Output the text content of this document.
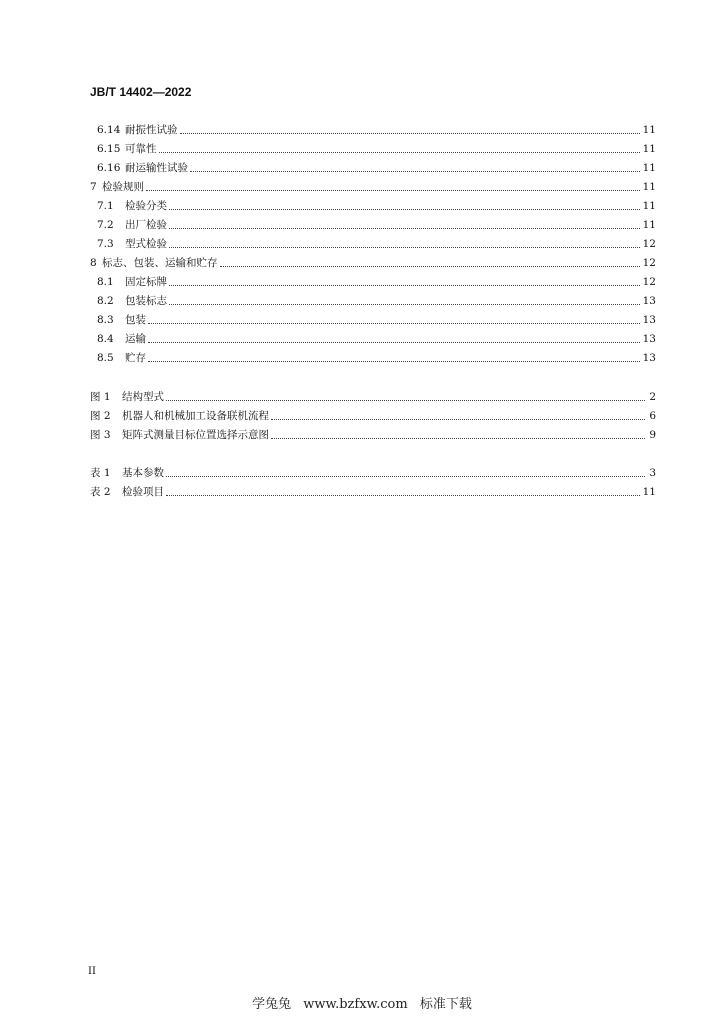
JB/T 14402—2022
6.14 耐振性试验	11
6.15 可靠性	11
6.16 耐运输性试验	11
7 检验规则	11
7.1	检验分类	11
7.2	出厂检验	11
7.3	型式检验	12
8 标志、包装、运输和贮存	12
8.1	固定标牌	12
8.2	包装标志	13
8.3	包装	13
8.4	运输	13
8.5	贮存	13
图 1	结构型式	2
图 2	机器人和机械加工设备联机流程	6
图 3	矩阵式测量目标位置选择示意图	9
表 1	基本参数	3
表 2	检验项目	11
II
学兔兔 www.bzfxw.com 标准下载
